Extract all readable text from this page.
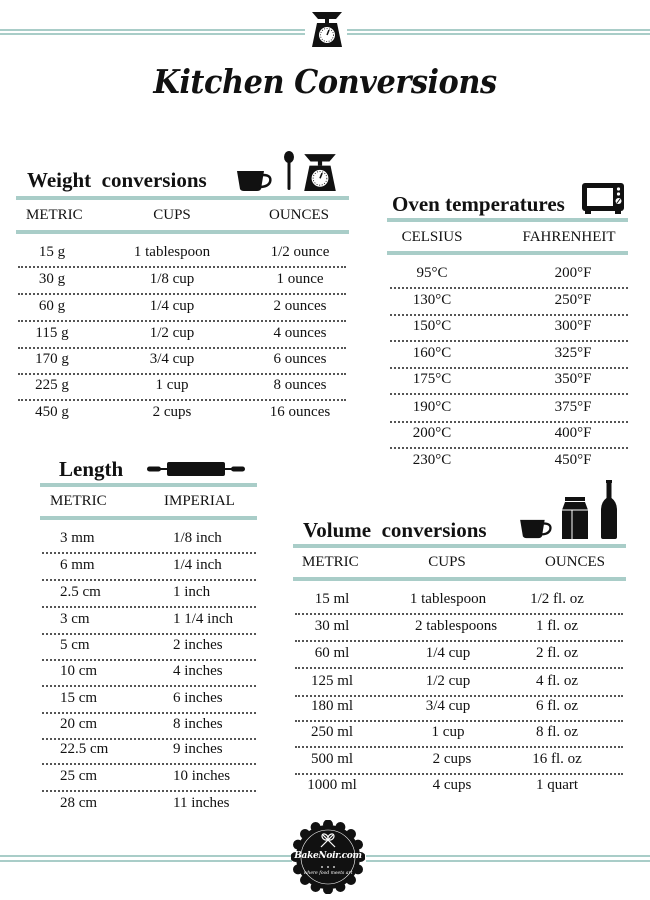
Kitchen Conversions
Weight  conversions
METRIC	CUPS	OUNCES
15 g	1 tablespoon	1/2 ounce
30 g	1/8 cup	1 ounce
60 g	1/4 cup	2 ounces
115 g	1/2 cup	4 ounces
170 g	3/4 cup	6 ounces
225 g	1 cup	8 ounces
450 g	2 cups	16 ounces
Oven temperatures
CELSIUS	FAHRENHEIT
95°C	200°F
130°C	250°F
150°C	300°F
160°C	325°F
175°C	350°F
190°C	375°F
200°C	400°F
230°C	450°F
Length
METRIC	IMPERIAL
3 mm	1/8 inch
6 mm	1/4 inch
2.5 cm	1 inch
3 cm	1 1/4 inch
5 cm	2 inches
10 cm	4 inches
15 cm	6 inches
20 cm	8 inches
22.5 cm	9 inches
25 cm	10 inches
28 cm	11 inches
Volume  conversions
METRIC	CUPS	OUNCES
15 ml	1 tablespoon	1/2 fl. oz
30 ml	2 tablespoons	1 fl. oz
60 ml	1/4 cup	2 fl. oz
125 ml	1/2 cup	4 fl. oz
180 ml	3/4 cup	6 fl. oz
250 ml	1 cup	8 fl. oz
500 ml	2 cups	16 fl. oz
1000 ml	4 cups	1 quart
BakeNoir.com
where food meets art
